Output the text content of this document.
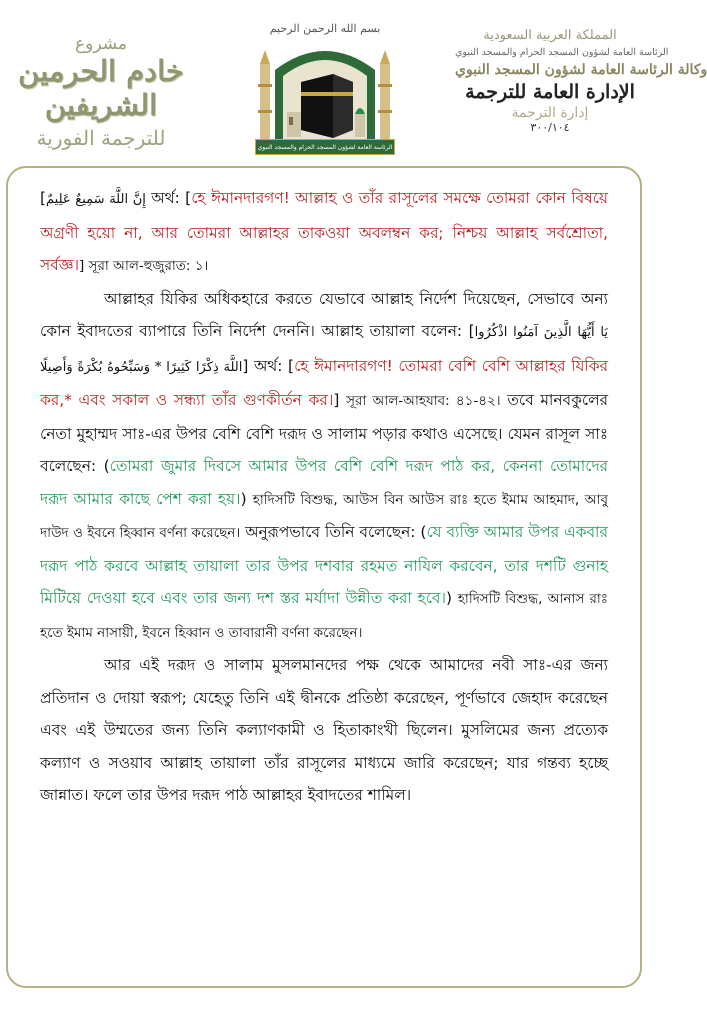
مشروع
خادم الحرمين الشريفين
للترجمة الفورية
بسم الله الرحمن الرحيم
الرئاسة العامة لشؤون المسجد الحرام والمسجد النبوي
المملكة العربية السعودية
الرئاسة العامة لشؤون المسجد الحرام والمسجد النبوي
وكالة الرئاسة العامة لشؤون المسجد النبوي
الإدارة العامة للترجمة
إدارة الترجمة
٣٠٠/١٠٤

[إِنَّ اللَّهَ سَمِيعٌ عَلِيمٌ অর্থ: [হে ঈমানদারগণ! আল্লাহ ও তাঁর রাসূলের সমক্ষে তোমরা কোন বিষয়ে অগ্রণী হয়ো না, আর তোমরা আল্লাহর তাকওয়া অবলম্বন কর; নিশ্চয় আল্লাহ সর্বশ্রোতা, সর্বজ্ঞ।] সূরা আল-হুজুরাত: ১।

আল্লাহর যিকির অধিকহারে করতে যেভাবে আল্লাহ নির্দেশ দিয়েছেন, সেভাবে অন্য কোন ইবাদতের ব্যাপারে তিনি নির্দেশ দেননি। আল্লাহ তায়ালা বলেন: [يَا أَيُّهَا الَّذِينَ آمَنُوا اذْكُرُوا اللَّهَ ذِكْرًا كَثِيرًا * وَسَبِّحُوهُ بُكْرَةً وَأَصِيلًا] অর্থ: [হে ঈমানদারগণ! তোমরা বেশি বেশি আল্লাহর যিকির কর,* এবং সকাল ও সন্ধ্যা তাঁর গুণকীর্তন কর।] সূরা আল-আহযাব: ৪১-৪২। তবে মানবকুলের নেতা মুহাম্মদ সাঃ-এর উপর বেশি বেশি দরূদ ও সালাম পড়ার কথাও এসেছে। যেমন রাসূল সাঃ বলেছেন: (তোমরা জুমার দিবসে আমার উপর বেশি বেশি দরূদ পাঠ কর, কেননা তোমাদের দরূদ আমার কাছে পেশ করা হয়।) হাদিসটি বিশুদ্ধ, আউস বিন আউস রাঃ হতে ইমাম আহমাদ, আবু দাউদ ও ইবনে হিব্বান বর্ণনা করেছেন। অনুরূপভাবে তিনি বলেছেন: (যে ব্যক্তি আমার উপর একবার দরূদ পাঠ করবে আল্লাহ তায়ালা তার উপর দশবার রহমত নাযিল করবেন, তার দশটি গুনাহ মিটিয়ে দেওয়া হবে এবং তার জন্য দশ স্তর মর্যাদা উন্নীত করা হবে।) হাদিসটি বিশুদ্ধ, আনাস রাঃ হতে ইমাম নাসায়ী, ইবনে হিব্বান ও তাবারানী বর্ণনা করেছেন।

আর এই দরূদ ও সালাম মুসলমানদের পক্ষ থেকে আমাদের নবী সাঃ-এর জন্য প্রতিদান ও দোয়া স্বরূপ; যেহেতু তিনি এই দ্বীনকে প্রতিষ্ঠা করেছেন, পূর্ণভাবে জেহাদ করেছেন এবং এই উম্মতের জন্য তিনি কল্যাণকামী ও হিতাকাংখী ছিলেন। মুসলিমের জন্য প্রত্যেক কল্যাণ ও সওয়াব আল্লাহ তায়ালা তাঁর রাসূলের মাধ্যমে জারি করেছেন; যার গন্তব্য হচ্ছে জান্নাত। ফলে তার উপর দরূদ পাঠ আল্লাহর ইবাদতের শামিল।
